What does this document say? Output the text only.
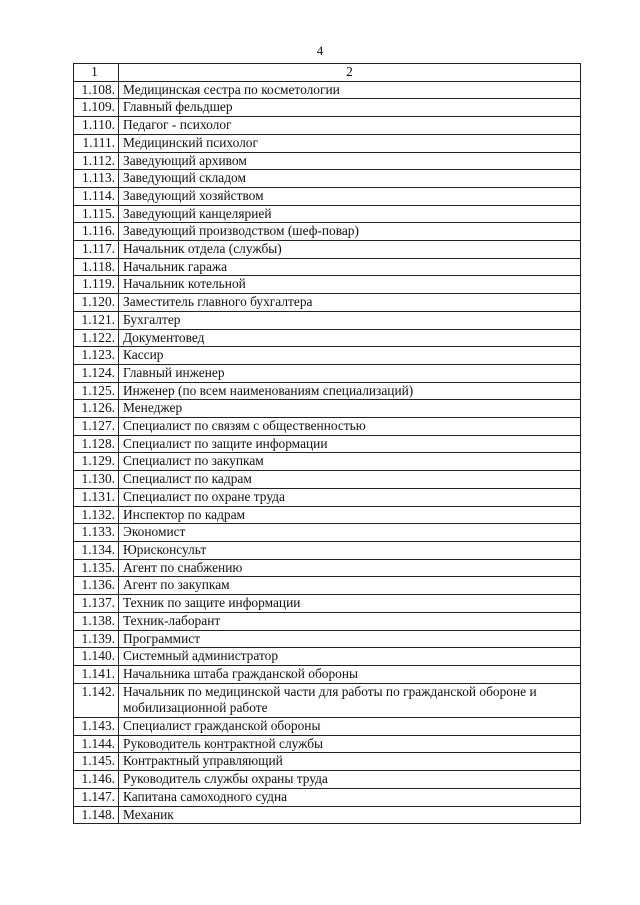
4
1	2
1.108.	Медицинская сестра по косметологии
1.109.	Главный фельдшер
1.110.	Педагог - психолог
1.111.	Медицинский психолог
1.112.	Заведующий архивом
1.113.	Заведующий складом
1.114.	Заведующий хозяйством
1.115.	Заведующий канцелярией
1.116.	Заведующий производством (шеф-повар)
1.117.	Начальник отдела (службы)
1.118.	Начальник гаража
1.119.	Начальник котельной
1.120.	Заместитель главного бухгалтера
1.121.	Бухгалтер
1.122.	Документовед
1.123.	Кассир
1.124.	Главный инженер
1.125.	Инженер (по всем наименованиям специализаций)
1.126.	Менеджер
1.127.	Специалист по связям с общественностью
1.128.	Специалист по защите информации
1.129.	Специалист по закупкам
1.130.	Специалист по кадрам
1.131.	Специалист по охране труда
1.132.	Инспектор по кадрам
1.133.	Экономист
1.134.	Юрисконсульт
1.135.	Агент по снабжению
1.136.	Агент по закупкам
1.137.	Техник по защите информации
1.138.	Техник-лаборант
1.139.	Программист
1.140.	Системный администратор
1.141.	Начальника штаба гражданской обороны
1.142.	Начальник по медицинской части для работы по гражданской обороне и мобилизационной работе
1.143.	Специалист гражданской обороны
1.144.	Руководитель контрактной службы
1.145.	Контрактный управляющий
1.146.	Руководитель службы охраны труда
1.147.	Капитана самоходного судна
1.148.	Механик
